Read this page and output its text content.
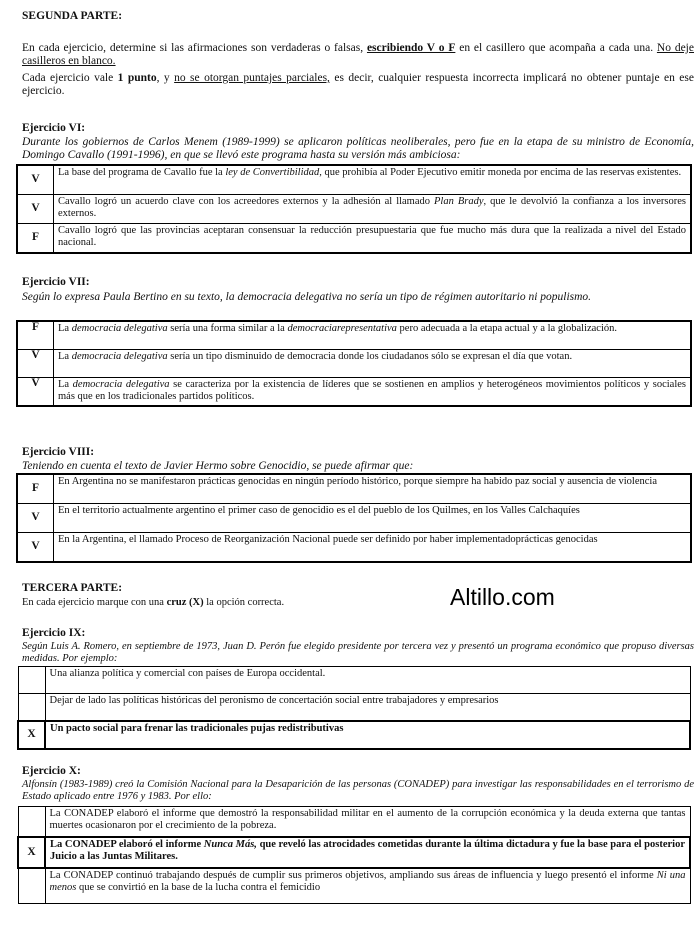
SEGUNDA PARTE:
En cada ejercicio, determine si las afirmaciones son verdaderas o falsas, escribiendo V o F en el casillero que acompaña a cada una. No deje casilleros en blanco.
Cada ejercicio vale 1 punto, y no se otorgan puntajes parciales, es decir, cualquier respuesta incorrecta implicará no obtener puntaje en ese ejercicio.
Ejercicio VI:
Durante los gobiernos de Carlos Menem (1989-1999) se aplicaron políticas neoliberales, pero fue en la etapa de su ministro de Economía, Domingo Cavallo (1991-1996), en que se llevó este programa hasta su versión más ambiciosa:
V	La base del programa de Cavallo fue la ley de Convertibilidad, que prohibía al Poder Ejecutivo emitir moneda por encima de las reservas existentes.
V	Cavallo logró un acuerdo clave con los acreedores externos y la adhesión al llamado Plan Brady, que le devolvió la confianza a los inversores externos.
F	Cavallo logró que las provincias aceptaran consensuar la reducción presupuestaria que fue mucho más dura que la realizada a nivel del Estado nacional.
Ejercicio VII:
Según lo expresa Paula Bertino en su texto, la democracia delegativa no sería un tipo de régimen autoritario ni populismo.
F	La democracia delegativa sería una forma similar a la democraciarepresentativa pero adecuada a la etapa actual y a la globalización.
V	La democracia delegativa sería un tipo disminuido de democracia donde los ciudadanos sólo se expresan el día que votan.
V	La democracia delegativa se caracteriza por la existencia de líderes que se sostienen en amplios y heterogéneos movimientos políticos y sociales más que en los tradicionales partidos políticos.
Ejercicio VIII:
Teniendo en cuenta el texto de Javier Hermo sobre Genocidio, se puede afirmar que:
F	En Argentina no se manifestaron prácticas genocidas en ningún período histórico, porque siempre ha habido paz social y ausencia de violencia
V	En el territorio actualmente argentino el primer caso de genocidio es el del pueblo de los Quilmes, en los Valles Calchaquíes
V	En la Argentina, el llamado Proceso de Reorganización Nacional puede ser definido por haber implementadoprácticas genocidas
TERCERA PARTE:
En cada ejercicio marque con una cruz (X) la opción correcta.	Altillo.com
Ejercicio IX:
Según Luis A. Romero, en septiembre de 1973, Juan D. Perón fue elegido presidente por tercera vez y presentó un programa económico que propuso diversas medidas. Por ejemplo:
	Una alianza política y comercial con países de Europa occidental.
	Dejar de lado las políticas históricas del peronismo de concertación social entre trabajadores y empresarios
X	Un pacto social para frenar las tradicionales pujas redistributivas
Ejercicio X:
Alfonsín (1983-1989) creó la Comisión Nacional para la Desaparición de las personas (CONADEP) para investigar las responsabilidades en el terrorismo de Estado aplicado entre 1976 y 1983. Por ello:
	La CONADEP elaboró el informe que demostró la responsabilidad militar en el aumento de la corrupción económica y la deuda externa que tantas muertes ocasionaron por el crecimiento de la pobreza.
X	La CONADEP elaboró el informe Nunca Más, que reveló las atrocidades cometidas durante la última dictadura y fue la base para el posterior Juicio a las Juntas Militares.
	La CONADEP continuó trabajando después de cumplir sus primeros objetivos, ampliando sus áreas de influencia y luego presentó el informe Ni una menos que se convirtió en la base de la lucha contra el femicidio
